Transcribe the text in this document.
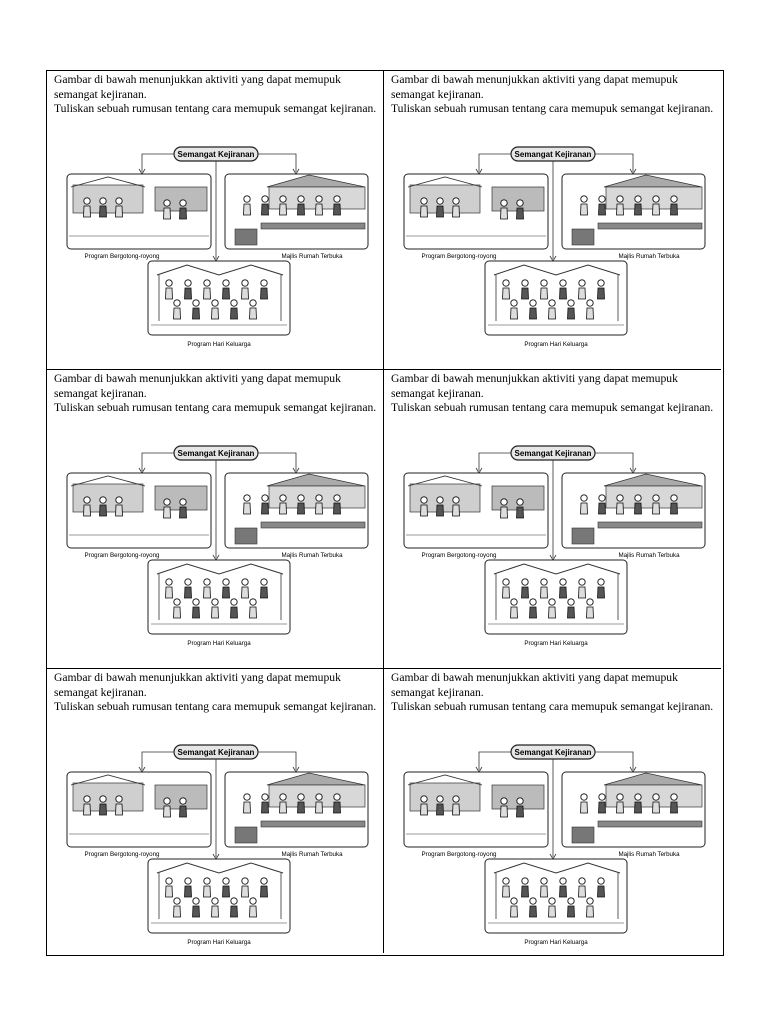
Gambar di bawah menunjukkan aktiviti yang dapat memupuk semangat kejiranan.

Tuliskan sebuah rumusan tentang cara memupuk semangat kejiranan.

Semangat Kejiranan
Program Bergotong-royong	Majlis Rumah Terbuka
Program Hari Keluarga

Gambar di bawah menunjukkan aktiviti yang dapat memupuk semangat kejiranan.

Tuliskan sebuah rumusan tentang cara memupuk semangat kejiranan.

Semangat Kejiranan
Program Bergotong-royong	Majlis Rumah Terbuka
Program Hari Keluarga

Gambar di bawah menunjukkan aktiviti yang dapat memupuk semangat kejiranan.

Tuliskan sebuah rumusan tentang cara memupuk semangat kejiranan.

Semangat Kejiranan
Program Bergotong-royong	Majlis Rumah Terbuka
Program Hari Keluarga

Gambar di bawah menunjukkan aktiviti yang dapat memupuk semangat kejiranan.

Tuliskan sebuah rumusan tentang cara memupuk semangat kejiranan.

Semangat Kejiranan
Program Bergotong-royong	Majlis Rumah Terbuka
Program Hari Keluarga

Gambar di bawah menunjukkan aktiviti yang dapat memupuk semangat kejiranan.

Tuliskan sebuah rumusan tentang cara memupuk semangat kejiranan.

Semangat Kejiranan
Program Bergotong-royong	Majlis Rumah Terbuka
Program Hari Keluarga

Gambar di bawah menunjukkan aktiviti yang dapat memupuk semangat kejiranan.

Tuliskan sebuah rumusan tentang cara memupuk semangat kejiranan.

Semangat Kejiranan
Program Bergotong-royong	Majlis Rumah Terbuka
Program Hari Keluarga
